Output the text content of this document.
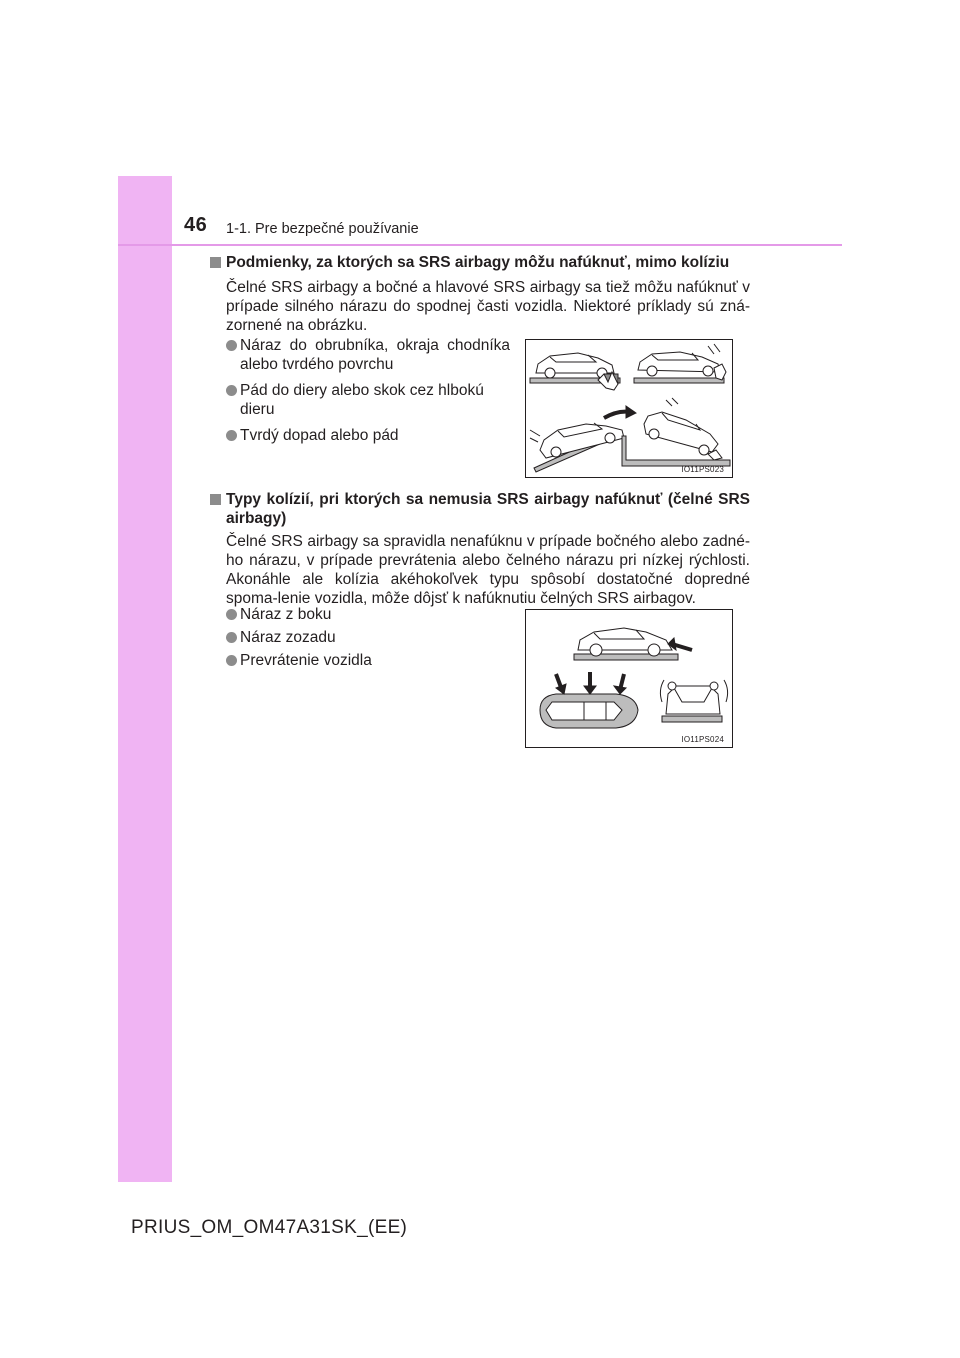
46 1-1. Pre bezpečné používanie
Podmienky, za ktorých sa SRS airbagy môžu nafúknuť, mimo kolíziu
Čelné SRS airbagy a bočné a hlavové SRS airbagy sa tiež môžu nafúknuť v prípade silného nárazu do spodnej časti vozidla. Niektoré príklady sú zná-zornené na obrázku.
Náraz do obrubníka, okraja chodníka alebo tvrdého povrchu
Pád do diery alebo skok cez hlbokú dieru
Tvrdý dopad alebo pád
IO11PS023
Typy kolízií, pri ktorých sa nemusia SRS airbagy nafúknuť (čelné SRS airbagy)
Čelné SRS airbagy sa spravidla nenafúknu v prípade bočného alebo zadné-ho nárazu, v prípade prevrátenia alebo čelného nárazu pri nízkej rýchlosti. Akonáhle ale kolízia akéhokoľvek typu spôsobí dostatočné dopredné spoma-lenie vozidla, môže dôjsť k nafúknutiu čelných SRS airbagov.
Náraz z boku
Náraz zozadu
Prevrátenie vozidla
IO11PS024
PRIUS_OM_OM47A31SK_(EE)
